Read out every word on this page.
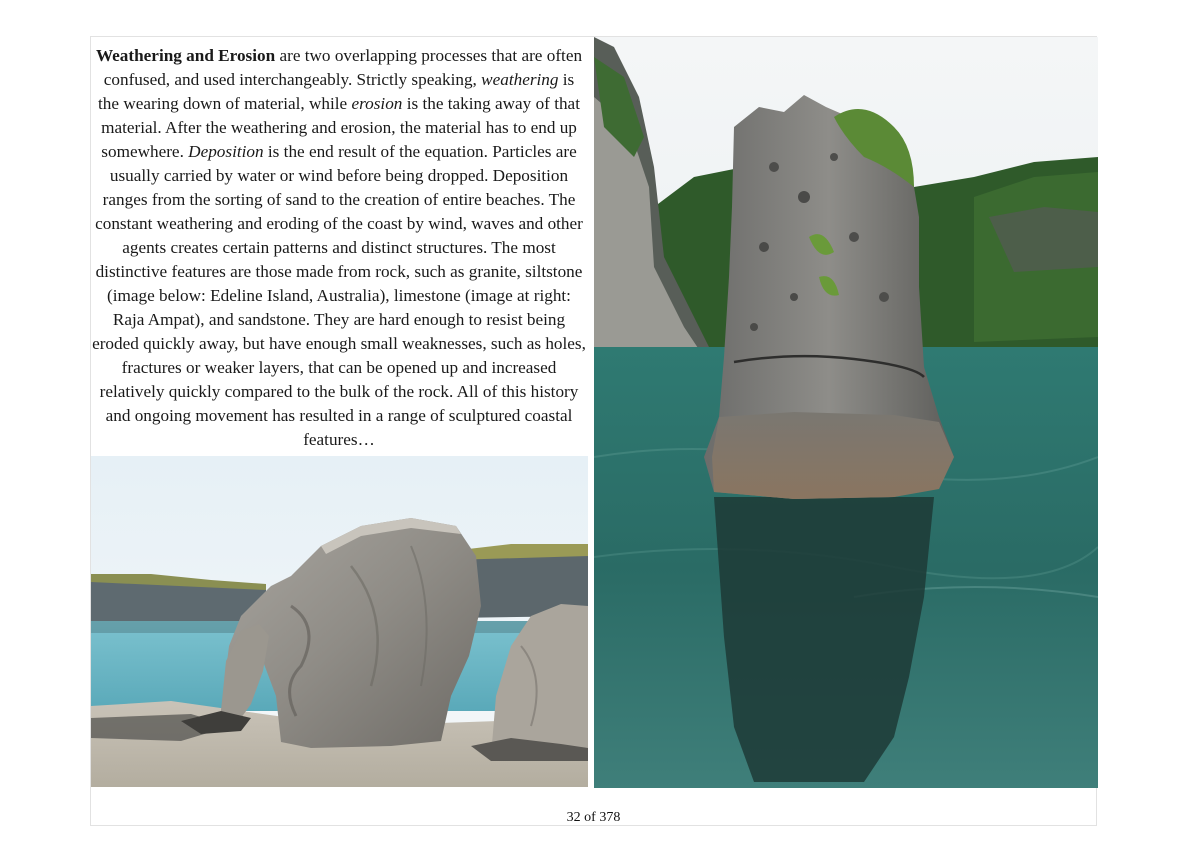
Weathering and Erosion are two overlapping processes that are often confused, and used interchangeably. Strictly speaking, weathering is the wearing down of material, while erosion is the taking away of that material. After the weathering and erosion, the material has to end up somewhere. Deposition is the end result of the equation. Particles are usually carried by water or wind before being dropped. Deposition ranges from the sorting of sand to the creation of entire beaches. The constant weathering and eroding of the coast by wind, waves and other agents creates certain patterns and distinct structures. The most distinctive features are those made from rock, such as granite, siltstone (image below: Edeline Island, Australia), limestone (image at right: Raja Ampat), and sandstone. They are hard enough to resist being eroded quickly away, but have enough small weaknesses, such as holes, fractures or weaker layers, that can be opened up and increased relatively quickly compared to the bulk of the rock. All of this history and ongoing movement has resulted in a range of sculptured coastal features…
32 of 378
